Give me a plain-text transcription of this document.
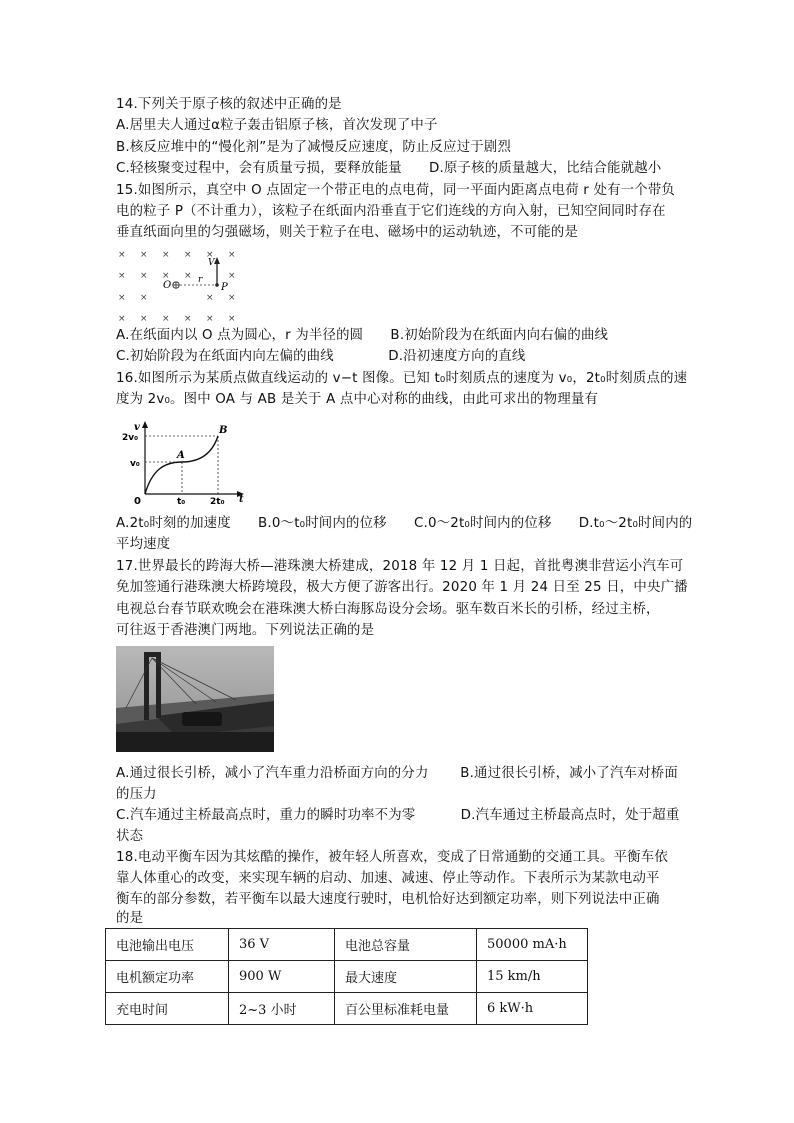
14.下列关于原子核的叙述中正确的是
A.居里夫人通过α粒子轰击铝原子核，首次发现了中子
B.核反应堆中的“慢化剂”是为了减慢反应速度，防止反应过于剧烈
C.轻核聚变过程中，会有质量亏损，要释放能量　　D.原子核的质量越大，比结合能就越小
15.如图所示，真空中 O 点固定一个带正电的点电荷，同一平面内距离点电荷 r 处有一个带负
电的粒子 P（不计重力），该粒子在纸面内沿垂直于它们连线的方向入射，已知空间同时存在
垂直纸面向里的匀强磁场，则关于粒子在电、磁场中的运动轨迹，不可能的是
× × × × × ×
× × × ×	×
× ×	× ×
× × × × × ×
O	r
P
V
A.在纸面内以 O 点为圆心，r 为半径的圆　　B.初始阶段为在纸面内向右偏的曲线
C.初始阶段为在纸面内向左偏的曲线　　　　D.沿初速度方向的直线
16.如图所示为某质点做直线运动的 v−t 图像。已知 t₀时刻质点的速度为 v₀，2t₀时刻质点的速
度为 2v₀。图中 OA 与 AB 是关于 A 点中心对称的曲线，由此可求出的物理量有
v
t
0
2v₀
v₀
t₀	2t₀
A
B
A.2t₀时刻的加速度　　B.0～t₀时间内的位移　　C.0～2t₀时间内的位移　　D.t₀～2t₀时间内的
平均速度
17.世界最长的跨海大桥—港珠澳大桥建成，2018 年 12 月 1 日起，首批粤澳非营运小汽车可
免加签通行港珠澳大桥跨境段，极大方便了游客出行。2020 年 1 月 24 日至 25 日，中央广播
电视总台春节联欢晚会在港珠澳大桥白海豚岛设分会场。驱车数百米长的引桥，经过主桥，
可往返于香港澳门两地。下列说法正确的是
A.通过很长引桥，减小了汽车重力沿桥面方向的分力　　 B.通过很长引桥，减小了汽车对桥面
的压力
C.汽车通过主桥最高点时，重力的瞬时功率不为零　　　 D.汽车通过主桥最高点时，处于超重
状态
18.电动平衡车因为其炫酷的操作，被年轻人所喜欢，变成了日常通勤的交通工具。平衡车依
靠人体重心的改变，来实现车辆的启动、加速、减速、停止等动作。下表所示为某款电动平
衡车的部分参数，若平衡车以最大速度行驶时，电机恰好达到额定功率，则下列说法中正确
的是
电池输出电压	36 V	电池总容量	50000 mA·h
电机额定功率	900 W	最大速度	15 km/h
充电时间	2~3 小时	百公里标准耗电量	6 kW·h
